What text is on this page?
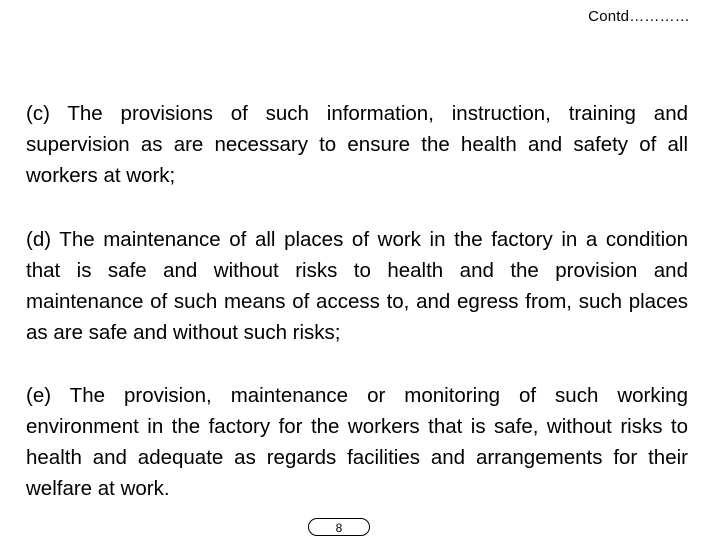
Contd…………

(c) The provisions of such information, instruction, training and supervision as are necessary to ensure the health and safety of all workers at work;

(d) The maintenance of all places of work in the factory in a condition that is safe and without risks to health and the provision and maintenance of such means of access to, and egress from, such places as are safe and without such risks;

(e) The provision, maintenance or monitoring of such working environment in the factory for the workers that is safe, without risks to health and adequate as regards facilities and arrangements for their welfare at work.

8
